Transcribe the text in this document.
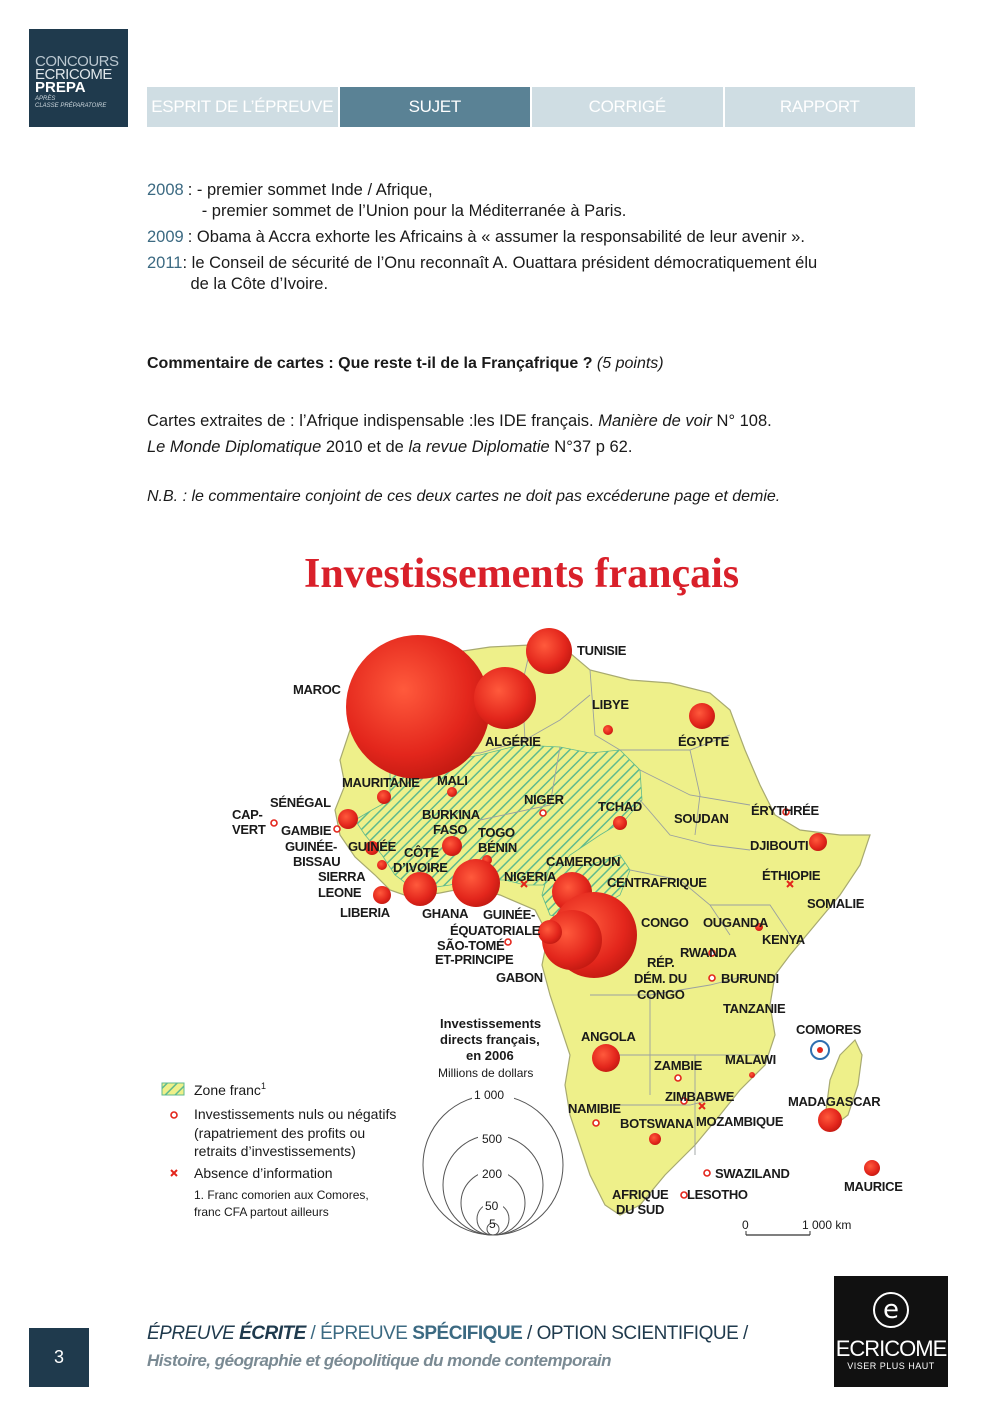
CONCOURS
ECRICOME
PREPA
APRÈS
CLASSE PRÉPARATOIRE	ESPRIT DE L’ÉPREUVE	SUJET	CORRIGÉ	RAPPORT
2008 : - premier sommet Inde / Afrique,
- premier sommet de l’Union pour la Méditerranée à Paris.
2009 : Obama à Accra exhorte les Africains à « assumer la responsabilité de leur avenir ».
2011 : le Conseil de sécurité de l’Onu reconnaît A. Ouattara président démocratiquement élu
de la Côte d’Ivoire.
Commentaire de cartes : Que reste t-il de la Françafrique ? (5 points)
Cartes extraites de : l’Afrique indispensable :les IDE français. Manière de voir N° 108.
Le Monde Diplomatique 2010 et de la revue Diplomatie N°37 p 62.
N.B. : le commentaire conjoint de ces deux cartes ne doit pas excéderune page et demie.
Investissements français
MAROC
TUNISIE
ALGÉRIE
LIBYE
ÉGYPTE
MAURITANIE MALI
NIGER	TCHAD
SOUDAN
ÉRYTHRÉE
DJIBOUTI
ÉTHIOPIE
SOMALIE
SÉNÉGAL
CAP-
VERT GAMBIE
GUINÉE-
BISSAU
GUINÉE
SIERRA
LEONE
LIBERIA
BURKINA
FASO
CÔTE
D’IVOIRE
TOGO
BÉNIN
GHANA
NIGERIA
CAMEROUN
CENTRAFRIQUE
GUINÉE-
ÉQUATORIALE
SÃO-TOMÉ
ET-PRINCIPE
GABON
CONGO OUGANDA
KENYA
RWANDA
RÉP.
DÉM. DU
CONGO
BURUNDI
TANZANIE
COMORES
ANGOLA
ZAMBIE MALAWI
ZIMBABWE
NAMIBIE
BOTSWANA MOZAMBIQUE
MADAGASCAR
SWAZILAND
MAURICE
AFRIQUE
DU SUD
LESOTHO
Zone franc$^1$
Investissements nuls ou négatifs
(rapatriement des profits ou
retraits d’investissements)
Absence d’information
1. Franc comorien aux Comores,
franc CFA partout ailleurs
Investissements
directs français,
en 2006
Millions de dollars
1 000
500
200
50
5	0	1 000 km
3
ÉPREUVE ÉCRITE / ÉPREUVE SPÉCIFIQUE / OPTION SCIENTIFIQUE /
Histoire, géographie et géopolitique du monde contemporain
e
ECRICOME
VISER PLUS HAUT
